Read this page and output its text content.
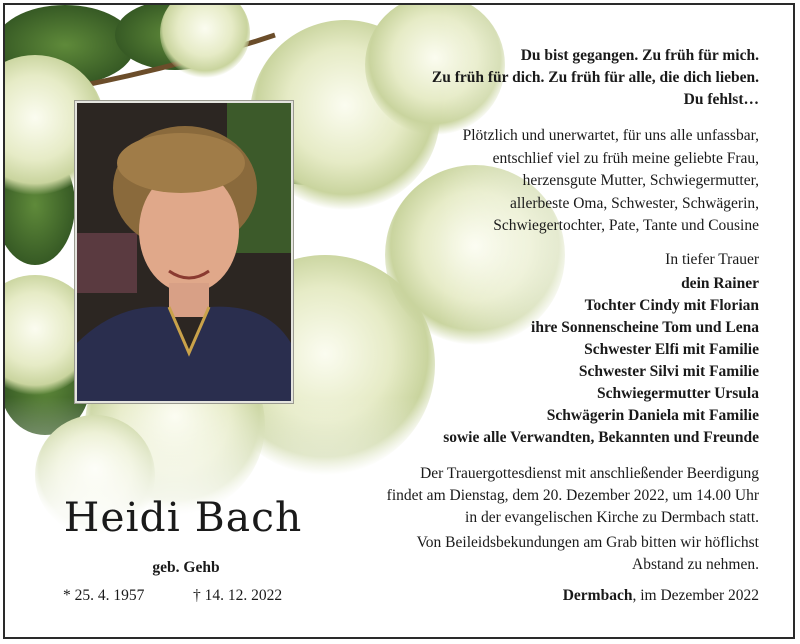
Du bist gegangen. Zu früh für mich.
Zu früh für dich. Zu früh für alle, die dich lieben.
Du fehlst…
Plötzlich und unerwartet, für uns alle unfassbar,
entschlief viel zu früh meine geliebte Frau,
herzensgute Mutter, Schwiegermutter,
allerbeste Oma, Schwester, Schwägerin,
Schwiegertochter, Pate, Tante und Cousine
In tiefer Trauer
dein Rainer
Tochter Cindy mit Florian
ihre Sonnenscheine Tom und Lena
Schwester Elfi mit Familie
Schwester Silvi mit Familie
Schwiegermutter Ursula
Schwägerin Daniela mit Familie
sowie alle Verwandten, Bekannten und Freunde
Der Trauergottesdienst mit anschließender Beerdigung
findet am Dienstag, dem 20. Dezember 2022, um 14.00 Uhr
in der evangelischen Kirche zu Dermbach statt.
Von Beileidsbekundungen am Grab bitten wir höflichst
Abstand zu nehmen.
Dermbach, im Dezember 2022
Heidi Bach
geb. Gehb
* 25. 4. 1957	† 14. 12. 2022
